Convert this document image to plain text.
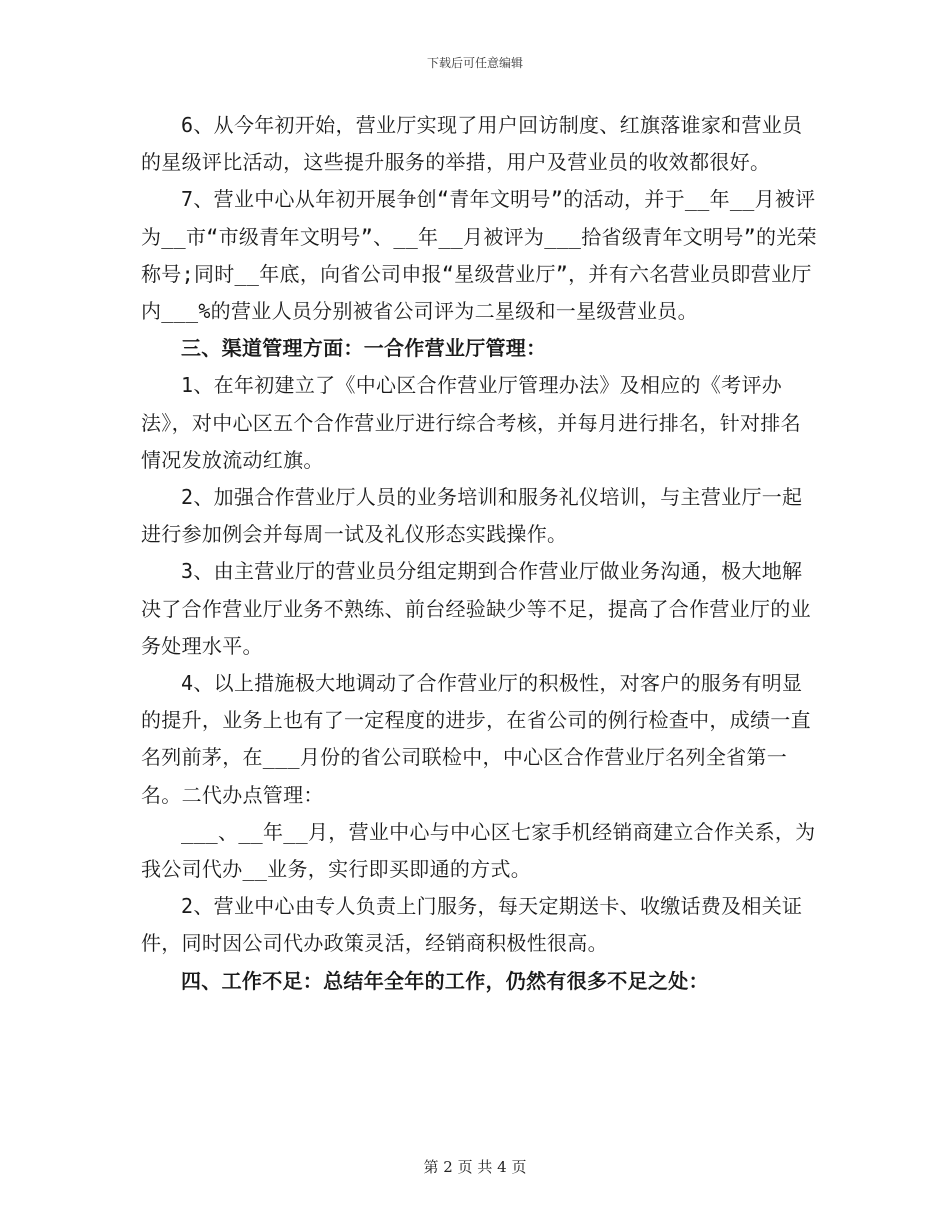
下载后可任意编辑

6、从今年初开始，营业厅实现了用户回访制度、红旗落谁家和营业员的星级评比活动，这些提升服务的举措，用户及营业员的收效都很好。

7、营业中心从年初开展争创“青年文明号”的活动，并于__年__月被评为__市“市级青年文明号”、__年__月被评为___拾省级青年文明号”的光荣称号;同时__年底，向省公司申报“星级营业厅”，并有六名营业员即营业厅内___%的营业人员分别被省公司评为二星级和一星级营业员。

三、渠道管理方面：一合作营业厅管理：

1、在年初建立了《中心区合作营业厅管理办法》及相应的《考评办法》，对中心区五个合作营业厅进行综合考核，并每月进行排名，针对排名情况发放流动红旗。

2、加强合作营业厅人员的业务培训和服务礼仪培训，与主营业厅一起进行参加例会并每周一试及礼仪形态实践操作。

3、由主营业厅的营业员分组定期到合作营业厅做业务沟通，极大地解决了合作营业厅业务不熟练、前台经验缺少等不足，提高了合作营业厅的业务处理水平。

4、以上措施极大地调动了合作营业厅的积极性，对客户的服务有明显的提升，业务上也有了一定程度的进步，在省公司的例行检查中，成绩一直名列前茅，在___月份的省公司联检中，中心区合作营业厅名列全省第一名。二代办点管理：

___、__年__月，营业中心与中心区七家手机经销商建立合作关系，为我公司代办__业务，实行即买即通的方式。

2、营业中心由专人负责上门服务，每天定期送卡、收缴话费及相关证件，同时因公司代办政策灵活，经销商积极性很高。

四、工作不足：总结年全年的工作，仍然有很多不足之处：

第 2 页 共 4 页
